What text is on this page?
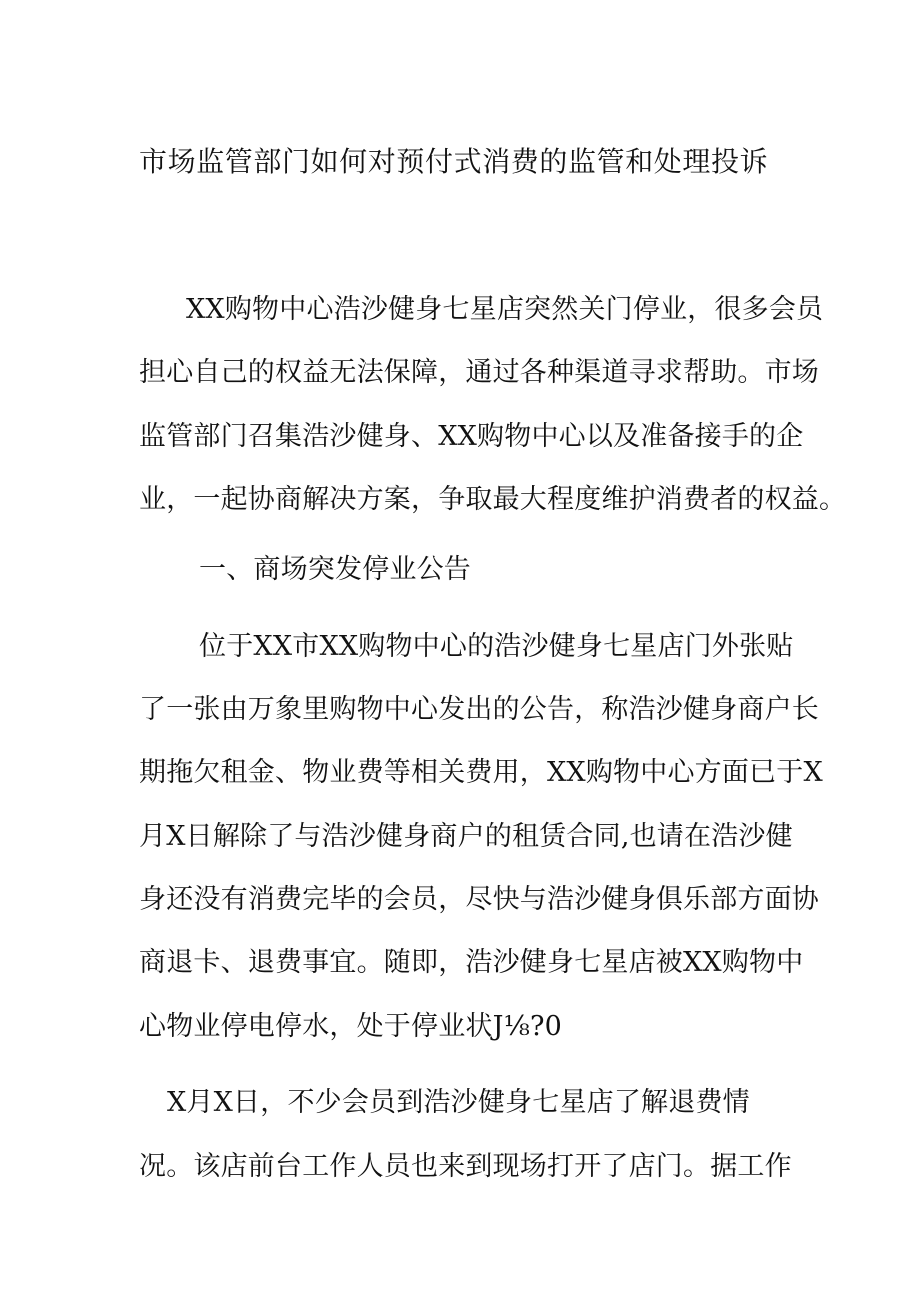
市场监管部门如何对预付式消费的监管和处理投诉
XX购物中心浩沙健身七星店突然关门停业，很多会员
担心自己的权益无法保障，通过各种渠道寻求帮助。市场
监管部门召集浩沙健身、XX购物中心以及准备接手的企
业，一起协商解决方案，争取最大程度维护消费者的权益。
一、商场突发停业公告
位于XX市XX购物中心的浩沙健身七星店门外张贴
了一张由万象里购物中心发出的公告，称浩沙健身商户长
期拖欠租金、物业费等相关费用，XX购物中心方面已于X
月X日解除了与浩沙健身商户的租赁合同,也请在浩沙健
身还没有消费完毕的会员，尽快与浩沙健身俱乐部方面协
商退卡、退费事宜。随即，浩沙健身七星店被XX购物中
心物业停电停水，处于停业状J⅛?0
X月X日，不少会员到浩沙健身七星店了解退费情
况。该店前台工作人员也来到现场打开了店门。据工作
